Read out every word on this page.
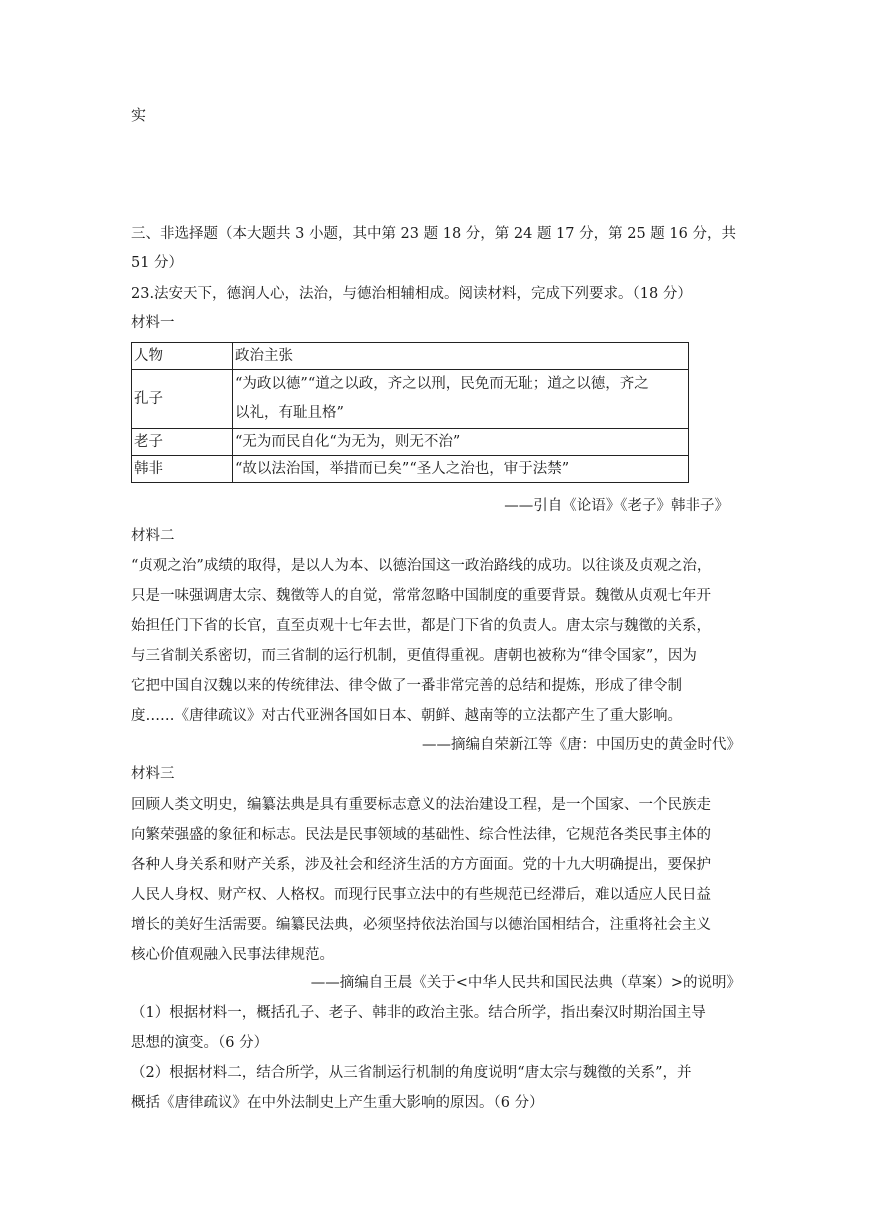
实
三、非选择题（本大题共 3 小题，其中第 23 题 18 分，第 24 题 17 分，第 25 题 16 分，共
51 分）
23.法安天下，德润人心，法治，与德治相辅相成。阅读材料，完成下列要求。（18 分）
材料一
人物	政治主张
孔子	“为政以德”“道之以政，齐之以刑，民免而无耻；道之以德，齐之
以礼，有耻且格”

老子	“无为而民自化“为无为，则无不治”
韩非	“故以法治国，举措而已矣”“圣人之治也，审于法禁”
——引自《论语》《老子》韩非子》
材料二
“贞观之治”成绩的取得，是以人为本、以德治国这一政治路线的成功。以往谈及贞观之治，
只是一味强调唐太宗、魏徵等人的自觉，常常忽略中国制度的重要背景。魏徵从贞观七年开
始担任门下省的长官，直至贞观十七年去世，都是门下省的负责人。唐太宗与魏徵的关系，
与三省制关系密切，而三省制的运行机制，更值得重视。唐朝也被称为“律令国家”，因为
它把中国自汉魏以来的传统律法、律令做了一番非常完善的总结和提炼，形成了律令制
度……《唐律疏议》对古代亚洲各国如日本、朝鲜、越南等的立法都产生了重大影响。
——摘编自荣新江等《唐：中国历史的黄金时代》
材料三
回顾人类文明史，编纂法典是具有重要标志意义的法治建设工程，是一个国家、一个民族走
向繁荣强盛的象征和标志。民法是民事领域的基础性、综合性法律，它规范各类民事主体的
各种人身关系和财产关系，涉及社会和经济生活的方方面面。党的十九大明确提出，要保护
人民人身权、财产权、人格权。而现行民事立法中的有些规范已经滞后，难以适应人民日益
增长的美好生活需要。编纂民法典，必须坚持依法治国与以德治国相结合，注重将社会主义
核心价值观融入民事法律规范。
——摘编自王晨《关于<中华人民共和国民法典（草案）>的说明》
（1）根据材料一，概括孔子、老子、韩非的政治主张。结合所学，指出秦汉时期治国主导
思想的演变。（6 分）
（2）根据材料二，结合所学，从三省制运行机制的角度说明“唐太宗与魏徵的关系”，并
概括《唐律疏议》在中外法制史上产生重大影响的原因。（6 分）
